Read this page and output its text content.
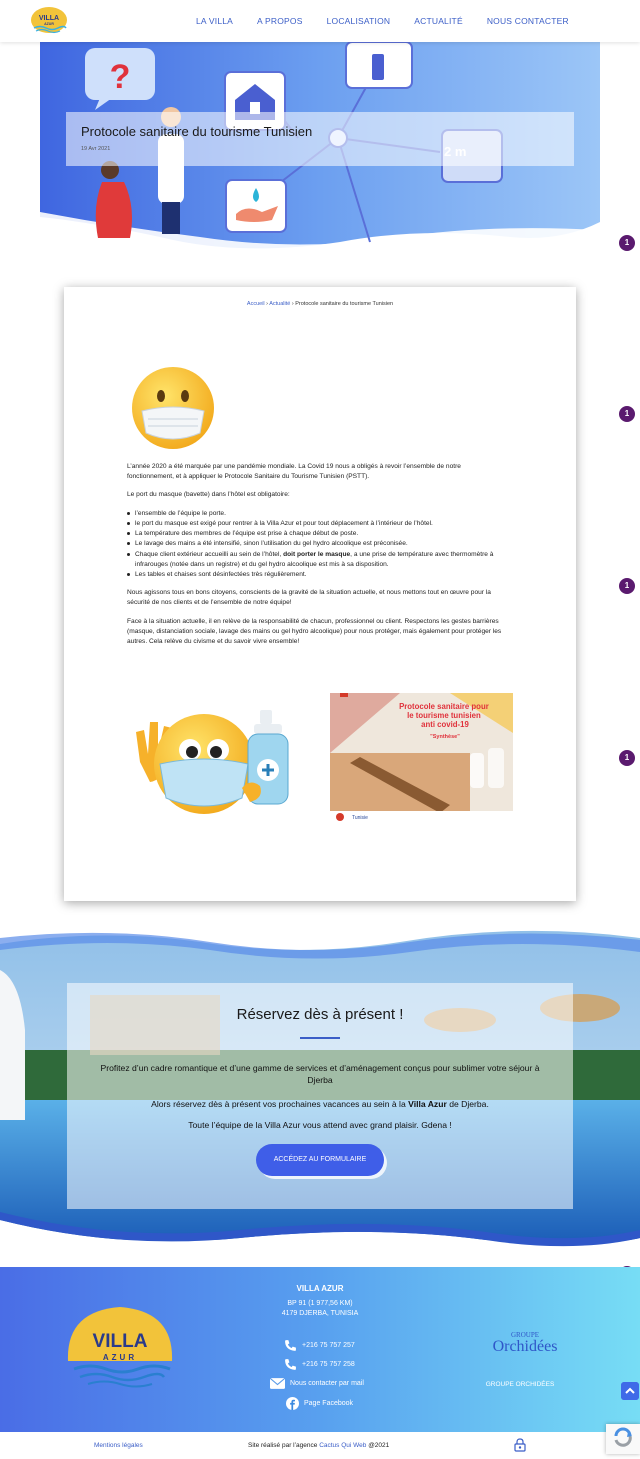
VILLA
AZUR	LA VILLA	A PROPOS	LOCALISATION	ACTUALITÉ	NOUS CONTACTER
?
Protocole sanitaire du tourisme Tunisien
19 Avr 2021
1
1
1
1
Accueil › Actualité › Protocole sanitaire du tourisme Tunisien

L’année 2020 a été marquée par une pandémie mondiale. La Covid 19 nous a obligés à revoir l’ensemble de notre fonctionnement, et à appliquer le Protocole Sanitaire du Tourisme Tunisien (PSTT).

Le port du masque (bavette) dans l’hôtel est obligatoire:

l’ensemble de l’équipe le porte.
le port du masque est exigé pour rentrer à la Villa Azur et pour tout déplacement à l’intérieur de l’hôtel.
La température des membres de l’équipe est prise à chaque début de poste.
Le lavage des mains a été intensifié, sinon l’utilisation du gel hydro alcoolique est préconisée.
Chaque client extérieur accueilli au sein de l’hôtel, doit porter le masque, a une prise de température avec thermomètre à infrarouges (notée dans un registre) et du gel hydro alcoolique est mis à sa disposition.
Les tables et chaises sont désinfectées très régulièrement.

Nous agissons tous en bons citoyens, conscients de la gravité de la situation actuelle, et nous mettons tout en œuvre pour la sécurité de nos clients et de l’ensemble de notre équipe!

Face à la situation actuelle, il en relève de la responsabilité de chacun, professionnel ou client. Respectons les gestes barrières (masque, distanciation sociale, lavage des mains ou gel hydro alcoolique) pour nous protéger, mais également pour protéger les autres. Cela relève du civisme et du savoir vivre ensemble!

Protocole sanitaire pour le tourisme tunisien anti covid-19
"Synthèse"
Tunisie
Réservez dès à présent !
Profitez d’un cadre romantique et d’une gamme de services et d’aménagement conçus pour sublimer votre séjour à Djerba
Alors réservez dès à présent vos prochaines vacances au sein à la Villa Azur de Djerba.
Toute l’équipe de la Villa Azur vous attend avec grand plaisir. Gdena !
ACCÉDEZ AU FORMULAIRE
VILLA
AZUR
VILLA AZUR
BP 91 (1 977,56 KM)
4179 DJERBA, TUNISIA
+216 75 757 257
+216 75 757 258
Nous contacter par mail
Page Facebook
GROUPE
Orchidées
GROUPE ORCHIDÉES
Mentions légales	Site réalisé par l’agence Cactus Qui Web @2021
